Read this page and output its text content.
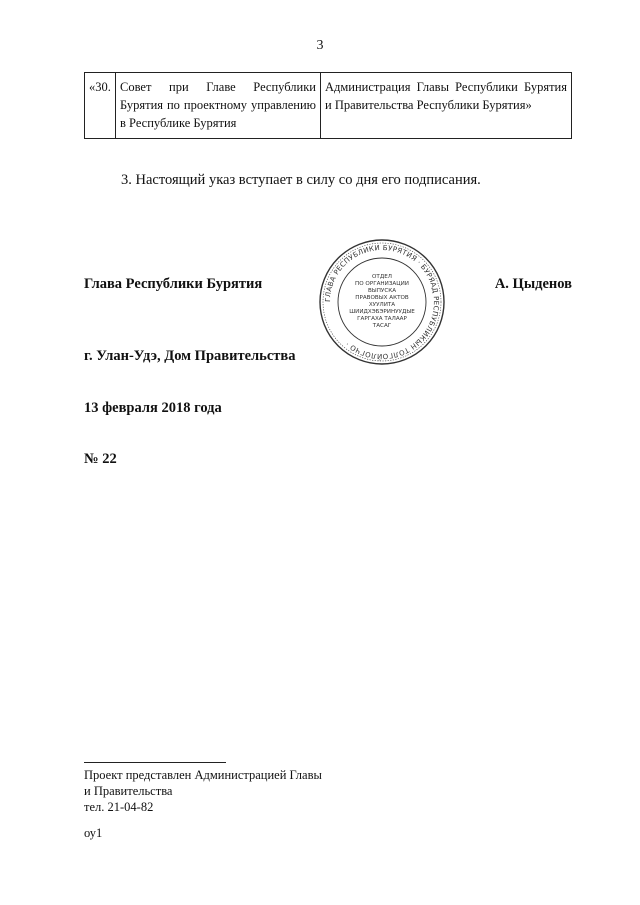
3
«30.	Совет при Главе Республики Бурятия по проектному управлению в Республике Бурятия	Администрация Главы Республики Бурятия и Правительства Республики Бурятия»
3. Настоящий указ вступает в силу со дня его подписания.
Глава Республики Бурятия	А. Цыденов
ГЛАВА РЕСПУБЛИКИ БУРЯТИЯ · БУРЯАД РЕСПУБЛИКЫН ТОЛГОЙЛОГЧО ·
ОТДЕЛ
ПО ОРГАНИЗАЦИИ
ВЫПУСКА
ПРАВОВЫХ АКТОВ
ХУУЛИТА
ШИИДХЭБЭРИНУУДЫЕ
ГАРГАХА ТАЛААР
ТАСАГ
г. Улан-Удэ, Дом Правительства
13 февраля 2018 года
№ 22
Проект представлен Администрацией Главы
и Правительства
тел. 21-04-82
оу1
